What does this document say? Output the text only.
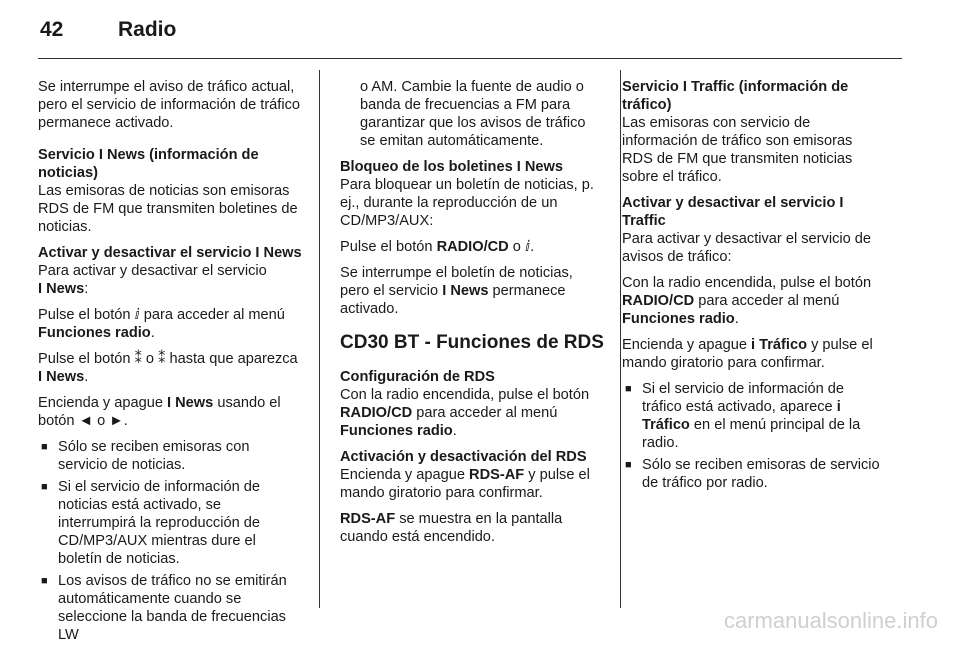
42	Radio

Se interrumpe el aviso de tráfico actual, pero el servicio de información de tráfico permanece activado.

Servicio I News (información de noticias)

Las emisoras de noticias son emisoras RDS de FM que transmiten boletines de noticias.

Activar y desactivar el servicio I News

Para activar y desactivar el servicio
I News:

Pulse el botón ⅈ para acceder al menú Funciones radio.

Pulse el botón ⁑ o ⁑ hasta que aparezca I News.

Encienda y apague I News usando el botón ◄ o ►.

■ Sólo se reciben emisoras con servicio de noticias.
■ Si el servicio de información de noticias está activado, se interrumpirá la reproducción de CD/MP3/AUX mientras dure el boletín de noticias.
■ Los avisos de tráfico no se emitirán automáticamente cuando se seleccione la banda de frecuencias LW

o AM. Cambie la fuente de audio o banda de frecuencias a FM para garantizar que los avisos de tráfico se emitan automáticamente.

Bloqueo de los boletines I News

Para bloquear un boletín de noticias, p. ej., durante la reproducción de un CD/MP3/AUX:

Pulse el botón RADIO/CD o ⅈ.

Se interrumpe el boletín de noticias, pero el servicio I News permanece activado.

CD30 BT - Funciones de RDS

Configuración de RDS

Con la radio encendida, pulse el botón RADIO/CD para acceder al menú Funciones radio.

Activación y desactivación del RDS

Encienda y apague RDS-AF y pulse el mando giratorio para confirmar.

RDS-AF se muestra en la pantalla cuando está encendido.

Servicio I Traffic (información de tráfico)

Las emisoras con servicio de información de tráfico son emisoras RDS de FM que transmiten noticias sobre el tráfico.

Activar y desactivar el servicio I Traffic

Para activar y desactivar el servicio de avisos de tráfico:

Con la radio encendida, pulse el botón RADIO/CD para acceder al menú Funciones radio.

Encienda y apague i Tráfico y pulse el mando giratorio para confirmar.

■ Si el servicio de información de tráfico está activado, aparece i Tráfico en el menú principal de la radio.
■ Sólo se reciben emisoras de servicio de tráfico por radio.
carmanualsonline.info
